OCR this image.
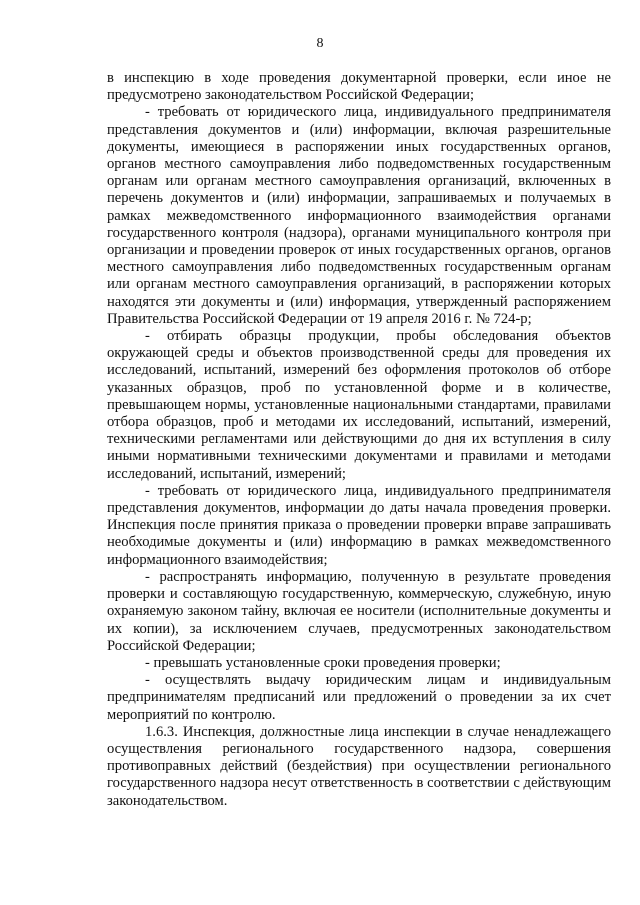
8

в инспекцию в ходе проведения документарной проверки, если иное не предусмотрено законодательством Российской Федерации;

- требовать от юридического лица, индивидуального предпринимателя представления документов и (или) информации, включая разрешительные документы, имеющиеся в распоряжении иных государственных органов, органов местного самоуправления либо подведомственных государственным органам или органам местного самоуправления организаций, включенных в перечень документов и (или) информации, запрашиваемых и получаемых в рамках межведомственного информационного взаимодействия органами государственного контроля (надзора), органами муниципального контроля при организации и проведении проверок от иных государственных органов, органов местного самоуправления либо подведомственных государственным органам или органам местного самоуправления организаций, в распоряжении которых находятся эти документы и (или) информация, утвержденный распоряжением Правительства Российской Федерации от 19 апреля 2016 г. № 724-р;

- отбирать образцы продукции, пробы обследования объектов окружающей среды и объектов производственной среды для проведения их исследований, испытаний, измерений без оформления протоколов об отборе указанных образцов, проб по установленной форме и в количестве, превышающем нормы, установленные национальными стандартами, правилами отбора образцов, проб и методами их исследований, испытаний, измерений, техническими регламентами или действующими до дня их вступления в силу иными нормативными техническими документами и правилами и методами исследований, испытаний, измерений;

- требовать от юридического лица, индивидуального предпринимателя представления документов, информации до даты начала проведения проверки. Инспекция после принятия приказа о проведении проверки вправе запрашивать необходимые документы и (или) информацию в рамках межведомственного информационного взаимодействия;

- распространять информацию, полученную в результате проведения проверки и составляющую государственную, коммерческую, служебную, иную охраняемую законом тайну, включая ее носители (исполнительные документы и их копии), за исключением случаев, предусмотренных законодательством Российской Федерации;

- превышать установленные сроки проведения проверки;

- осуществлять выдачу юридическим лицам и индивидуальным предпринимателям предписаний или предложений о проведении за их счет мероприятий по контролю.

1.6.3. Инспекция, должностные лица инспекции в случае ненадлежащего осуществления регионального государственного надзора, совершения противоправных действий (бездействия) при осуществлении регионального государственного надзора несут ответственность в соответствии с действующим законодательством.
